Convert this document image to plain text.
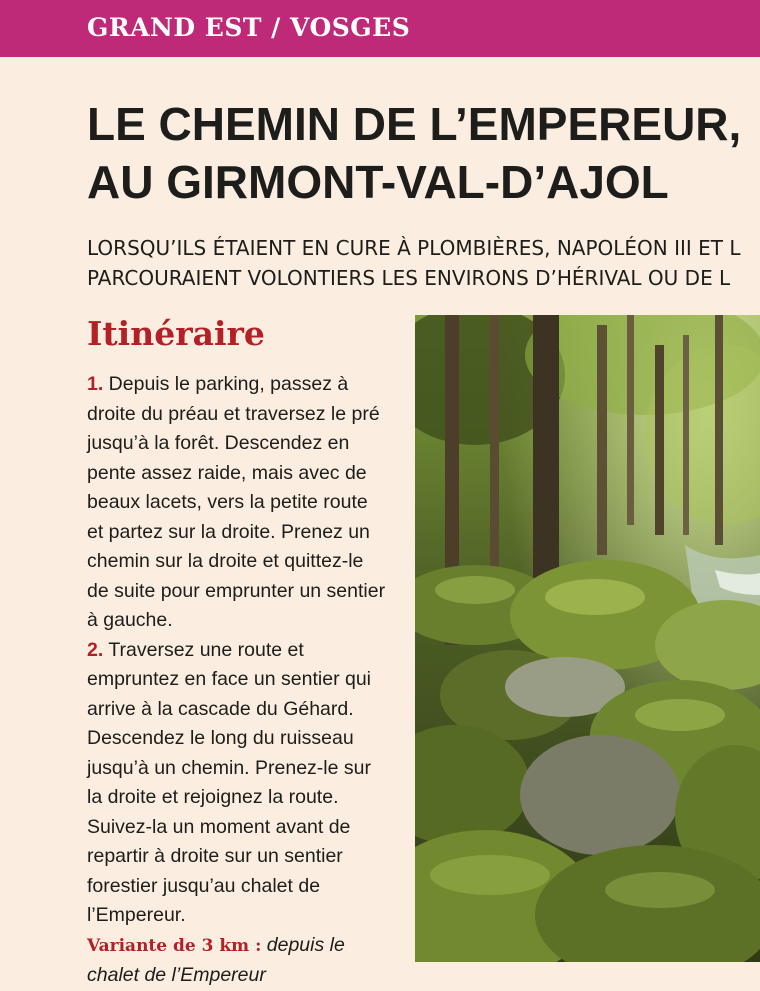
GRAND EST / VOSGES
LE CHEMIN DE L’EMPEREUR,
AU GIRMONT-VAL-D’AJOL
LORSQU’ILS ÉTAIENT EN CURE À PLOMBIÈRES, NAPOLÉON III ET L
PARCOURAIENT VOLONTIERS LES ENVIRONS D’HÉRIVAL OU DE L
Itinéraire

1. Depuis le parking, passez à droite du préau et traversez le pré jusqu’à la forêt. Descendez en pente assez raide, mais avec de beaux lacets, vers la petite route et partez sur la droite. Prenez un chemin sur la droite et quittez-le de suite pour emprunter un sentier à gauche.

2. Traversez une route et empruntez en face un sentier qui arrive à la cascade du Géhard. Descendez le long du ruisseau jusqu’à un chemin. Prenez-le sur la droite et rejoignez la route. Suivez-la un moment avant de repartir à droite sur un sentier forestier jusqu’au chalet de l’Empereur.

Variante de 3 km : depuis le chalet de l’Empereur
